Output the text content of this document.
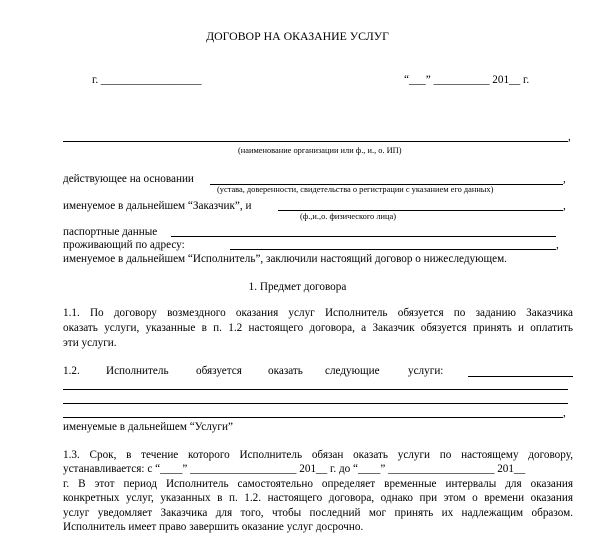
ДОГОВОР НА ОКАЗАНИЕ УСЛУГ
г. __________________	“___” __________ 201__ г.
,
(наименование организации или ф., и., о. ИП)
действующее на основании	,
(устава, доверенности, свидетельства о регистрации с указанием его данных)
именуемое в дальнейшем “Заказчик”, и	,
(ф.,и.,о. физического лица)
паспортные данные
проживающий по адресу:	,
именуемое в дальнейшем “Исполнитель”, заключили настоящий договор о нижеследующем.
1. Предмет договора
1.1. По договору возмездного оказания услуг Исполнитель обязуется по заданию Заказчика
оказать услуги, указанные в п. 1.2 настоящего договора, а Заказчик обязуется принять и оплатить
эти услуги.
1.2. Исполнитель обязуется оказать следующие	услуги:
,
именуемые в дальнейшем “Услуги”
1.3. Срок, в течение которого Исполнитель обязан оказать услуги по настоящему договору,
устанавливается: с “____” ___________________ 201__ г. до “____” ___________________ 201__
г. В этот период Исполнитель самостоятельно определяет временные интервалы для оказания
конкретных услуг, указанных в п. 1.2. настоящего договора, однако при этом о времени оказания
услуг уведомляет Заказчика для того, чтобы последний мог принять их надлежащим образом.
Исполнитель имеет право завершить оказание услуг досрочно.
